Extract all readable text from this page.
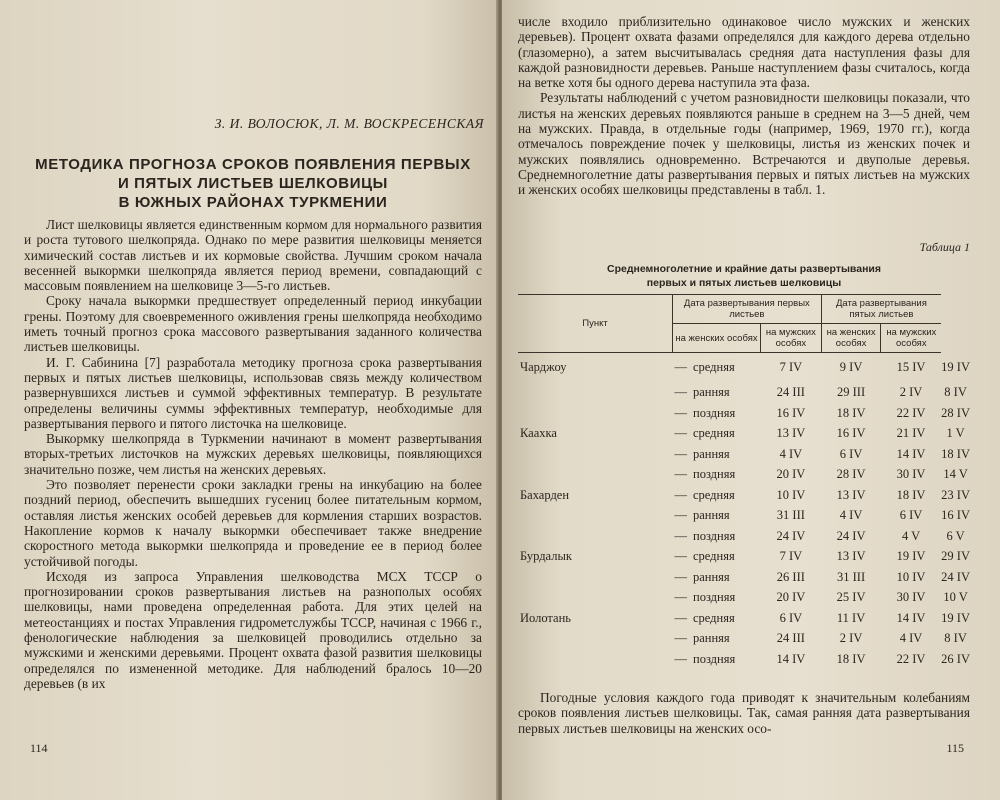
З. И. ВОЛОСЮК, Л. М. ВОСКРЕСЕНСКАЯ
МЕТОДИКА ПРОГНОЗА СРОКОВ ПОЯВЛЕНИЯ ПЕРВЫХ
И ПЯТЫХ ЛИСТЬЕВ ШЕЛКОВИЦЫ
В ЮЖНЫХ РАЙОНАХ ТУРКМЕНИИ

Лист шелковицы является единственным кормом для нормального развития и роста тутового шелкопряда. Однако по мере развития шелковицы меняется химический состав листьев и их кормовые свойства. Лучшим сроком начала весенней выкормки шелкопряда является период времени, совпадающий с массовым появлением на шелковице 3—5-го листьев.

Сроку начала выкормки предшествует определенный период инкубации грены. Поэтому для своевременного оживления грены шелкопряда необходимо иметь точный прогноз срока массового развертывания заданного количества листьев шелковицы.

И. Г. Сабинина [7] разработала методику прогноза срока развертывания первых и пятых листьев шелковицы, использовав связь между количеством развернувшихся листьев и суммой эффективных температур. В результате определены величины суммы эффективных температур, необходимые для развертывания первого и пятого листочка на шелковице.

Выкормку шелкопряда в Туркмении начинают в момент развертывания вторых-третьих листочков на мужских деревьях шелковицы, появляющихся значительно позже, чем листья на женских деревьях.

Это позволяет перенести сроки закладки грены на инкубацию на более поздний период, обеспечить вышедших гусениц более питательным кормом, оставляя листья женских особей деревьев для кормления старших возрастов. Накопление кормов к началу выкормки обеспечивает также внедрение скоростного метода выкормки шелкопряда и проведение ее в период более устойчивой погоды.

Исходя из запроса Управления шелководства МСХ ТССР о прогнозировании сроков развертывания листьев на разнополых особях шелковицы, нами проведена определенная работа. Для этих целей на метеостанциях и постах Управления гидрометслужбы ТССР, начиная с 1966 г., фенологические наблюдения за шелковицей проводились отдельно за мужскими и женскими деревьями. Процент охвата фазой развития шелковицы определялся по измененной методике. Для наблюдений бралось 10—20 деревьев (в их

114

числе входило приблизительно одинаковое число мужских и женских деревьев). Процент охвата фазами определялся для каждого дерева отдельно (глазомерно), а затем высчитывалась средняя дата наступления фазы для каждой разновидности деревьев. Раньше наступлением фазы считалось, когда на ветке хотя бы одного дерева наступила эта фаза.

Результаты наблюдений с учетом разновидности шелковицы показали, что листья на женских деревьях появляются раньше в среднем на 3—5 дней, чем на мужских. Правда, в отдельные годы (например, 1969, 1970 гг.), когда отмечалось повреждение почек у шелковицы, листья из женских почек и мужских появлялись одновременно. Встречаются и двуполые деревья. Среднемноголетние даты развертывания первых и пятых листьев на мужских и женских особях шелковицы представлены в табл. 1.

Таблица 1
Среднемноголетние и крайние даты развертывания
первых и пятых листьев шелковицы
Пункт	Дата развертывания первых листьев		Дата развертывания пятых листьев		
	на женских особях	на мужских особях	на женских особях	на мужских особях	
Чарджоу	— средняя	7 IV	9 IV	15 IV	19 IV
	— ранняя	24 III	29 III	2 IV	8 IV
	— поздняя	16 IV	18 IV	22 IV	28 IV
Каахка	— средняя	13 IV	16 IV	21 IV	1 V
	— ранняя	4 IV	6 IV	14 IV	18 IV
	— поздняя	20 IV	28 IV	30 IV	14 V
Бахарден	— средняя	10 IV	13 IV	18 IV	23 IV
	— ранняя	31 III	4 IV	6 IV	16 IV
	— поздняя	24 IV	24 IV	4 V	6 V
Бурдалык	— средняя	7 IV	13 IV	19 IV	29 IV
	— ранняя	26 III	31 III	10 IV	24 IV
	— поздняя	20 IV	25 IV	30 IV	10 V
Иолотань	— средняя	6 IV	11 IV	14 IV	19 IV
	— ранняя	24 III	2 IV	4 IV	8 IV
	— поздняя	14 IV	18 IV	22 IV	26 IV

Погодные условия каждого года приводят к значительным колебаниям сроков появления листьев шелковицы. Так, самая ранняя дата развертывания первых листьев шелковицы на женских осо-

115
